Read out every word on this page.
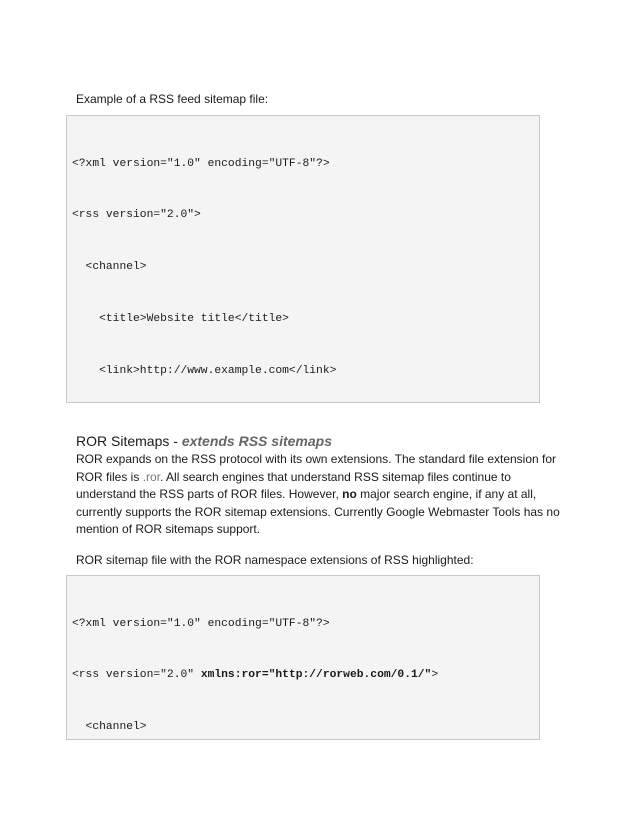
Example of a RSS feed sitemap file:

<?xml version="1.0" encoding="UTF-8"?>

<rss version="2.0">

<channel>

<title>Website title</title>

<link>http://www.example.com</link>

ROR Sitemaps - extends RSS sitemaps
ROR expands on the RSS protocol with its own extensions. The standard file extension for ROR files is .ror. All search engines that understand RSS sitemap files continue to understand the RSS parts of ROR files. However, no major search engine, if any at all, currently supports the ROR sitemap extensions. Currently Google Webmaster Tools has no mention of ROR sitemaps support.
ROR sitemap file with the ROR namespace extensions of RSS highlighted:

<?xml version="1.0" encoding="UTF-8"?>

<rss version="2.0" xmlns:ror="http://rorweb.com/0.1/">

<channel>
